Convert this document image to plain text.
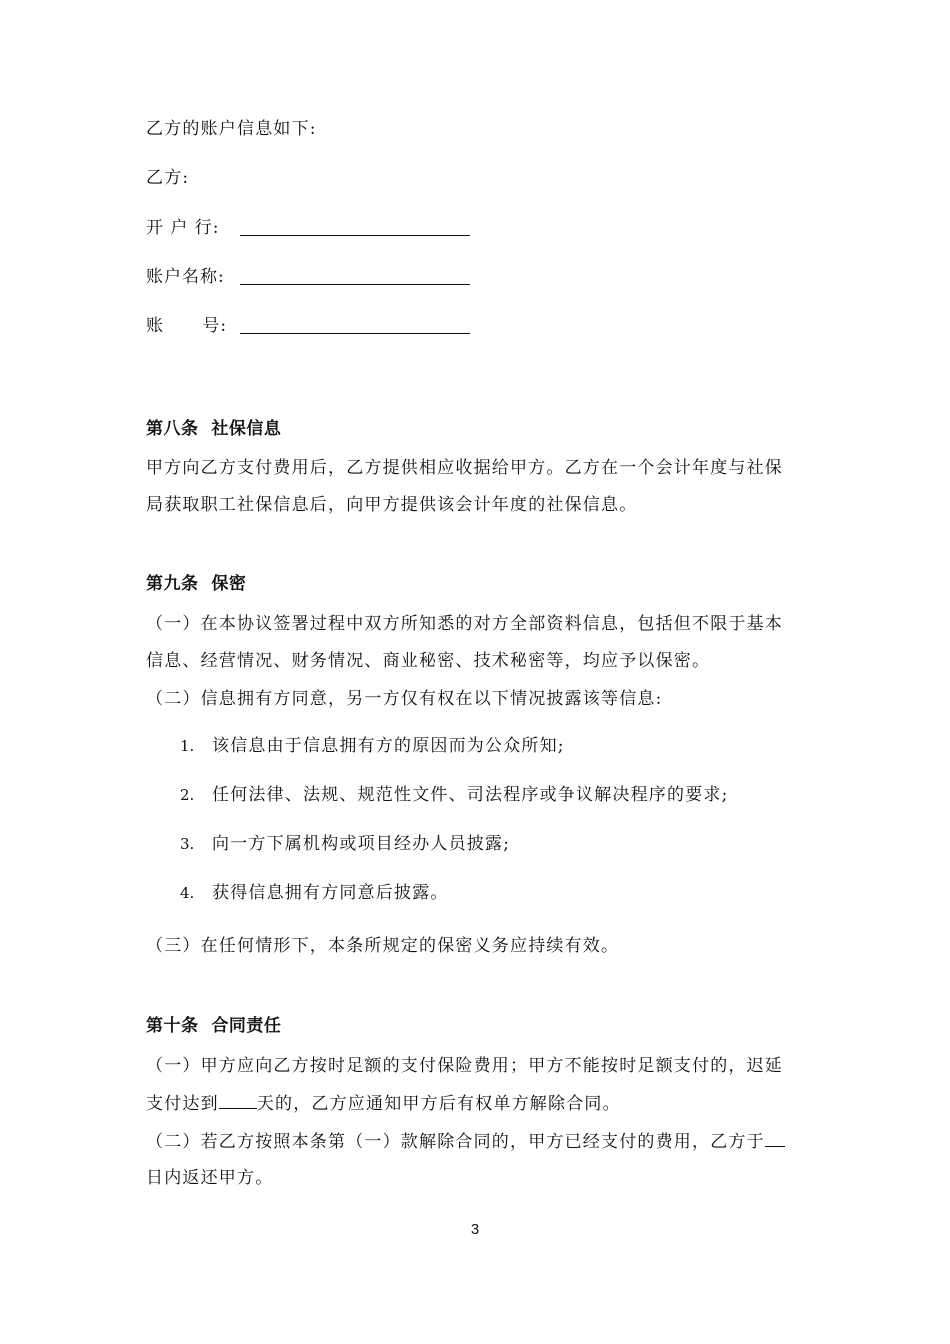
乙方的账户信息如下:
乙方:
开 户 行:
账户名称:
账      号:
第八条  社保信息
甲方向乙方支付费用后，乙方提供相应收据给甲方。乙方在一个会计年度与社保
局获取职工社保信息后，向甲方提供该会计年度的社保信息。
第九条  保密
（一）在本协议签署过程中双方所知悉的对方全部资料信息，包括但不限于基本
信息、经营情况、财务情况、商业秘密、技术秘密等，均应予以保密。
（二）信息拥有方同意，另一方仅有权在以下情况披露该等信息:
1. 该信息由于信息拥有方的原因而为公众所知;
2. 任何法律、法规、规范性文件、司法程序或争议解决程序的要求;
3. 向一方下属机构或项目经办人员披露;
4. 获得信息拥有方同意后披露。
（三）在任何情形下，本条所规定的保密义务应持续有效。
第十条  合同责任
（一）甲方应向乙方按时足额的支付保险费用；甲方不能按时足额支付的，迟延
支付达到 天的，乙方应通知甲方后有权单方解除合同。
（二）若乙方按照本条第（一）款解除合同的，甲方已经支付的费用，乙方于
日内返还甲方。
3
